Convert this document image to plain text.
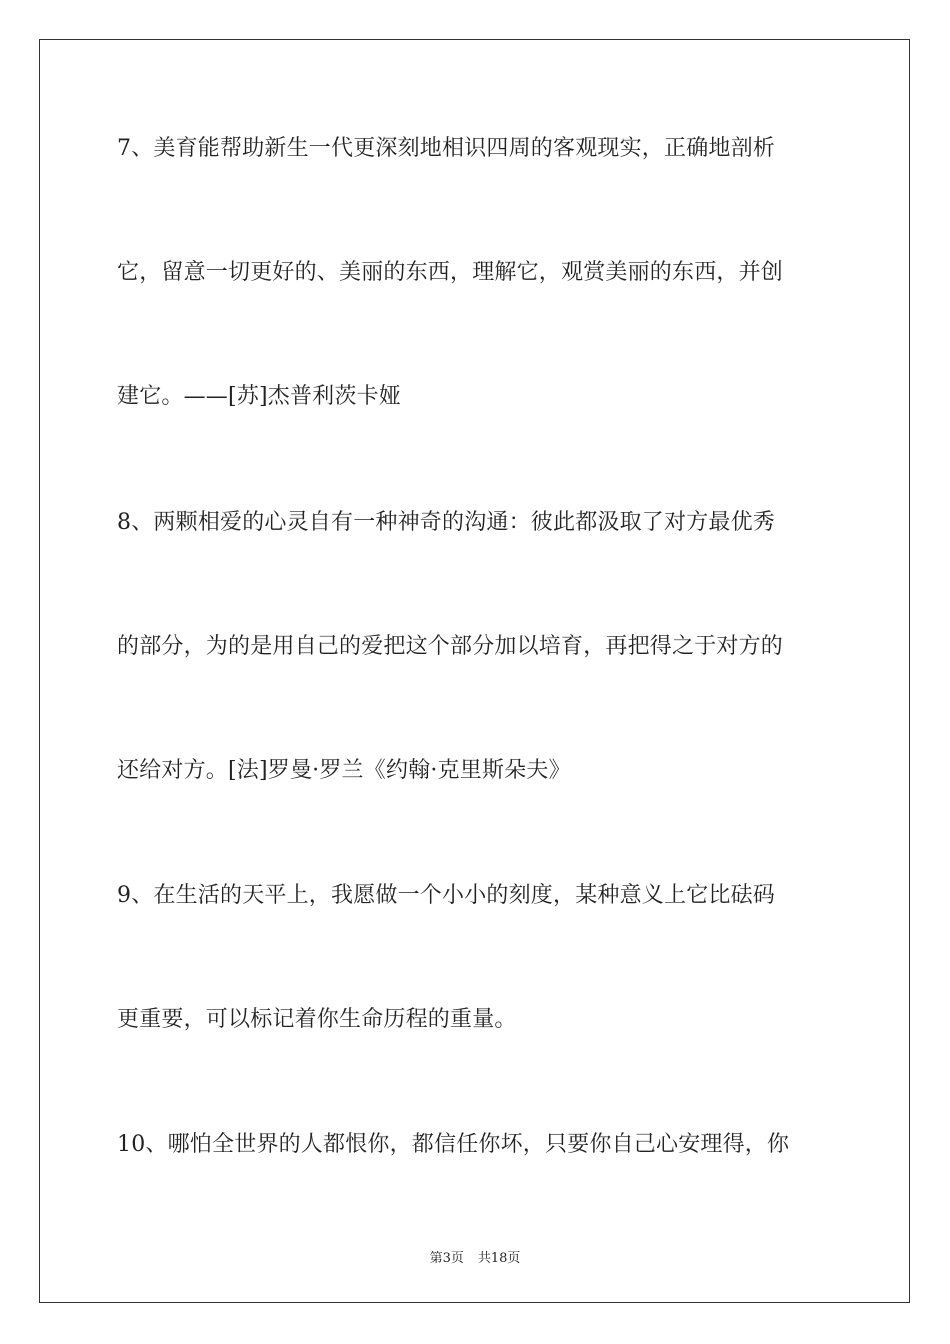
7、美育能帮助新生一代更深刻地相识四周的客观现实，正确地剖析
它，留意一切更好的、美丽的东西，理解它，观赏美丽的东西，并创
建它。——[苏]杰普利茨卡娅
8、两颗相爱的心灵自有一种神奇的沟通：彼此都汲取了对方最优秀
的部分，为的是用自己的爱把这个部分加以培育，再把得之于对方的
还给对方。[法]罗曼·罗兰《约翰·克里斯朵夫》
9、在生活的天平上，我愿做一个小小的刻度，某种意义上它比砝码
更重要，可以标记着你生命历程的重量。
10、哪怕全世界的人都恨你，都信任你坏，只要你自己心安理得，你
第3页 共18页
